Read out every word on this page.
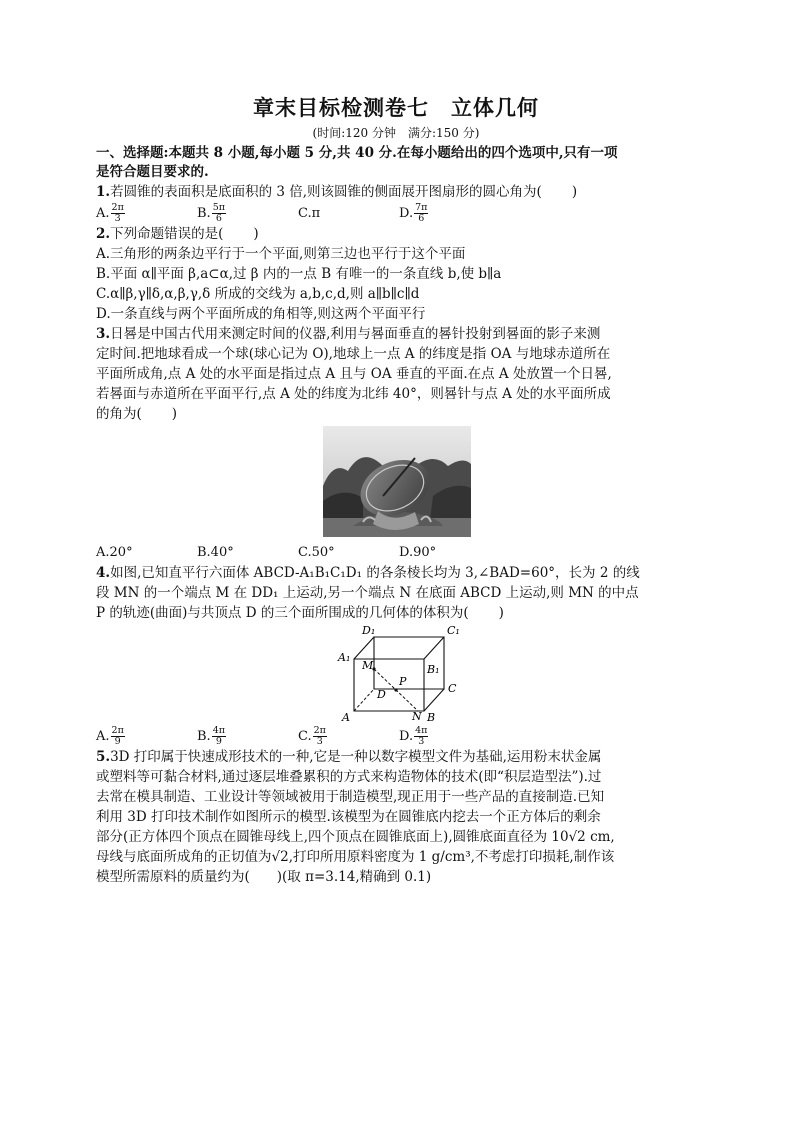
章末目标检测卷七　立体几何
(时间:120 分钟　满分:150 分)
一、选择题:本题共 8 小题,每小题 5 分,共 40 分.在每小题给出的四个选项中,只有一项
是符合题目要求的.
1.若圆锥的表面积是底面积的 3 倍,则该圆锥的侧面展开图扇形的圆心角为( )
A. $\frac{2\pi}{3}$	B. $\frac{5\pi}{6}$	C. π	D. $\frac{7\pi}{6}$
2.下列命题错误的是( )
A.三角形的两条边平行于一个平面,则第三边也平行于这个平面
B.平面 α∥平面 β,a⊂α,过 β 内的一点 B 有唯一的一条直线 b,使 b∥a
C.α∥β,γ∥δ,α,β,γ,δ 所成的交线为 a,b,c,d,则 a∥b∥c∥d
D.一条直线与两个平面所成的角相等,则这两个平面平行
3.日晷是中国古代用来测定时间的仪器,利用与晷面垂直的晷针投射到晷面的影子来测
定时间.把地球看成一个球(球心记为 O),地球上一点 A 的纬度是指 OA 与地球赤道所在
平面所成角,点 A 处的水平面是指过点 A 且与 OA 垂直的平面.在点 A 处放置一个日晷,
若晷面与赤道所在平面平行,点 A 处的纬度为北纬 40°，则晷针与点 A 处的水平面所成
的角为( )
A.20°	B.40°	C.50°	D.90°
4.如图,已知直平行六面体 ABCD-A₁B₁C₁D₁ 的各条棱长均为 3,∠BAD=60°，长为 2 的线
段 MN 的一个端点 M 在 DD₁ 上运动,另一个端点 N 在底面 ABCD 上运动,则 MN 的中点
P 的轨迹(曲面)与共顶点 D 的三个面所围成的几何体的体积为( )
D₁	C₁
A₁
B₁
M
P
D	C
A	N B
A. $\frac{2\pi}{9}$	B. $\frac{4\pi}{9}$	C. $\frac{2\pi}{3}$	D. $\frac{4\pi}{3}$
5.3D 打印属于快速成形技术的一种,它是一种以数字模型文件为基础,运用粉末状金属
或塑料等可黏合材料,通过逐层堆叠累积的方式来构造物体的技术(即“积层造型法”).过
去常在模具制造、工业设计等领域被用于制造模型,现正用于一些产品的直接制造.已知
利用 3D 打印技术制作如图所示的模型.该模型为在圆锥底内挖去一个正方体后的剩余
部分(正方体四个顶点在圆锥母线上,四个顶点在圆锥底面上),圆锥底面直径为 10√2 cm,
母线与底面所成角的正切值为√2,打印所用原料密度为 1 g/cm³,不考虑打印损耗,制作该
模型所需原料的质量约为(　　)(取 π=3.14,精确到 0.1)
